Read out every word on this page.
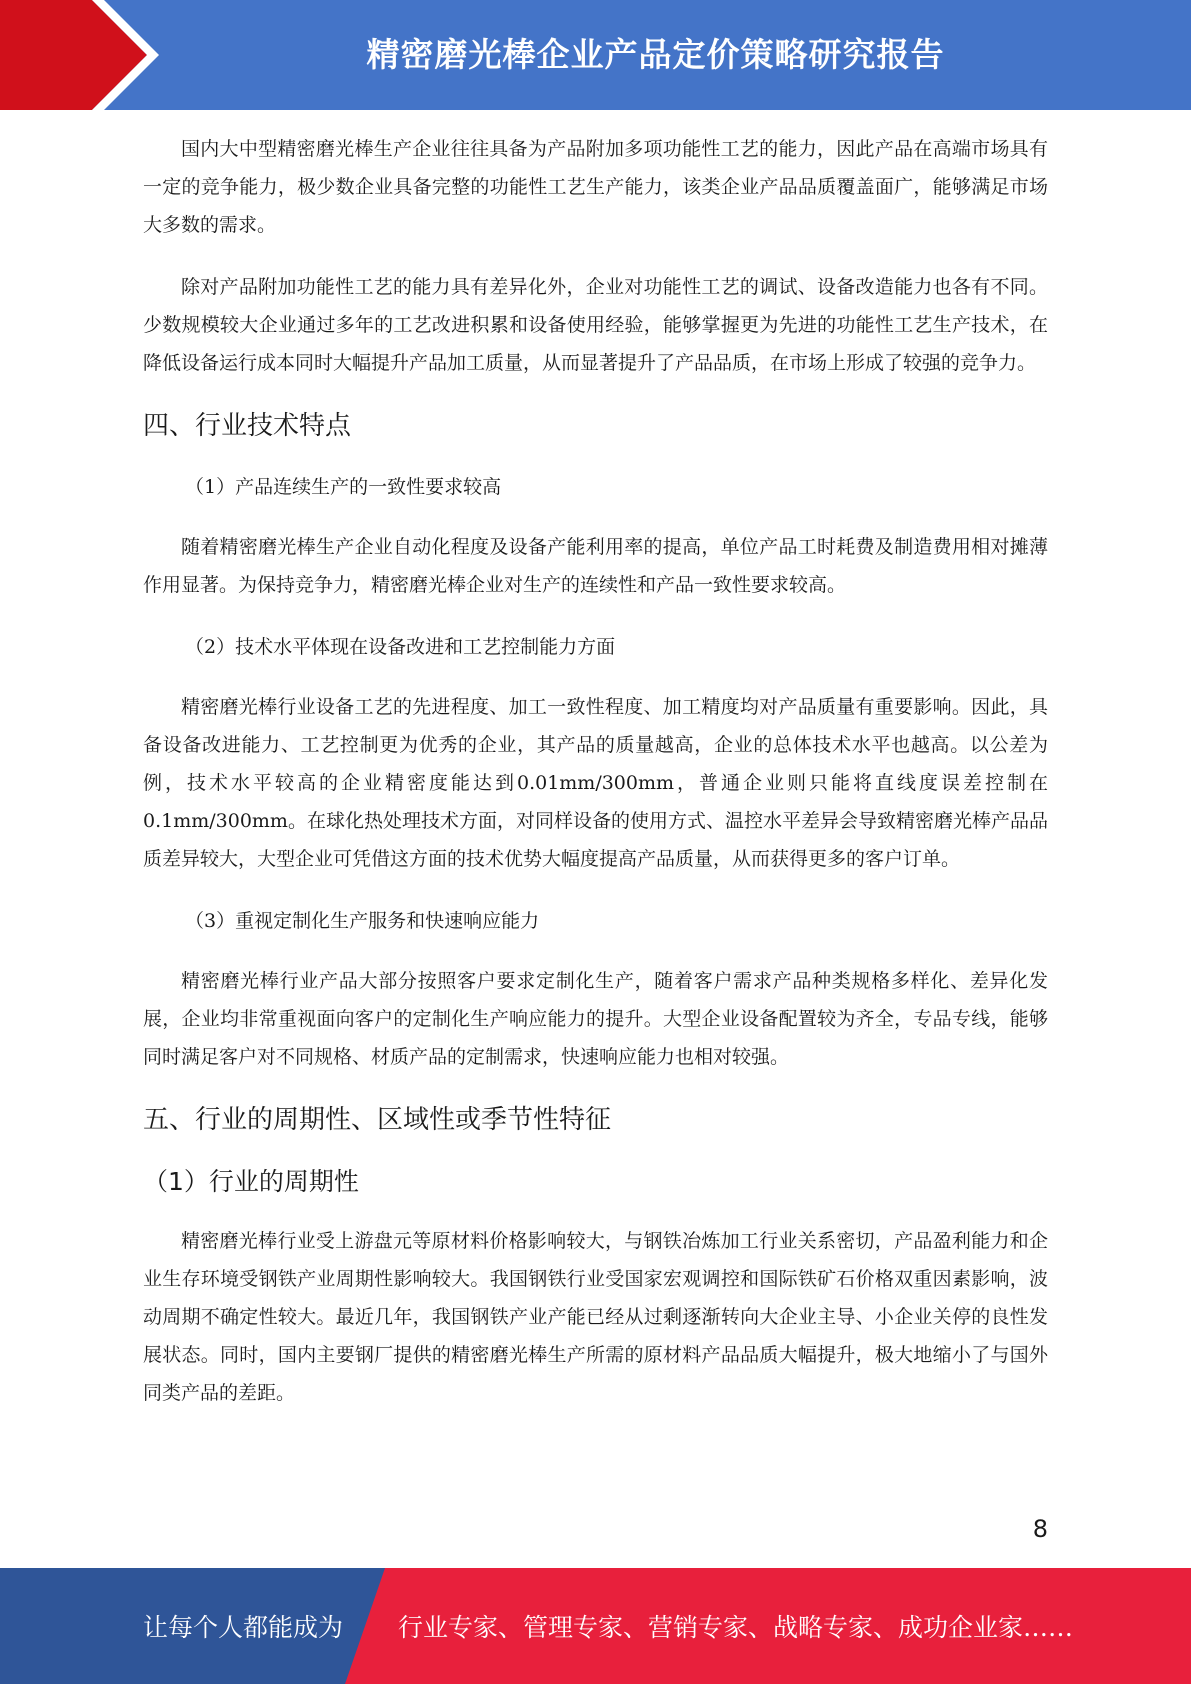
精密磨光棒企业产品定价策略研究报告

国内大中型精密磨光棒生产企业往往具备为产品附加多项功能性工艺的能力，因此产品在高端市场具有一定的竞争能力，极少数企业具备完整的功能性工艺生产能力，该类企业产品品质覆盖面广，能够满足市场大多数的需求。

除对产品附加功能性工艺的能力具有差异化外，企业对功能性工艺的调试、设备改造能力也各有不同。少数规模较大企业通过多年的工艺改进积累和设备使用经验，能够掌握更为先进的功能性工艺生产技术，在降低设备运行成本同时大幅提升产品加工质量，从而显著提升了产品品质，在市场上形成了较强的竞争力。

四、行业技术特点

（1）产品连续生产的一致性要求较高

随着精密磨光棒生产企业自动化程度及设备产能利用率的提高，单位产品工时耗费及制造费用相对摊薄作用显著。为保持竞争力，精密磨光棒企业对生产的连续性和产品一致性要求较高。

（2）技术水平体现在设备改进和工艺控制能力方面

精密磨光棒行业设备工艺的先进程度、加工一致性程度、加工精度均对产品质量有重要影响。因此，具备设备改进能力、工艺控制更为优秀的企业，其产品的质量越高，企业的总体技术水平也越高。以公差为例，技术水平较高的企业精密度能达到0.01mm/300mm，普通企业则只能将直线度误差控制在0.1mm/300mm。在球化热处理技术方面，对同样设备的使用方式、温控水平差异会导致精密磨光棒产品品质差异较大，大型企业可凭借这方面的技术优势大幅度提高产品质量，从而获得更多的客户订单。

（3）重视定制化生产服务和快速响应能力

精密磨光棒行业产品大部分按照客户要求定制化生产，随着客户需求产品种类规格多样化、差异化发展，企业均非常重视面向客户的定制化生产响应能力的提升。大型企业设备配置较为齐全，专品专线，能够同时满足客户对不同规格、材质产品的定制需求，快速响应能力也相对较强。

五、行业的周期性、区域性或季节性特征
（1）行业的周期性

精密磨光棒行业受上游盘元等原材料价格影响较大，与钢铁冶炼加工行业关系密切，产品盈利能力和企业生存环境受钢铁产业周期性影响较大。我国钢铁行业受国家宏观调控和国际铁矿石价格双重因素影响，波动周期不确定性较大。最近几年，我国钢铁产业产能已经从过剩逐渐转向大企业主导、小企业关停的良性发展状态。同时，国内主要钢厂提供的精密磨光棒生产所需的原材料产品品质大幅提升，极大地缩小了与国外同类产品的差距。

8
让每个人都能成为 行业专家、管理专家、营销专家、战略专家、成功企业家……
